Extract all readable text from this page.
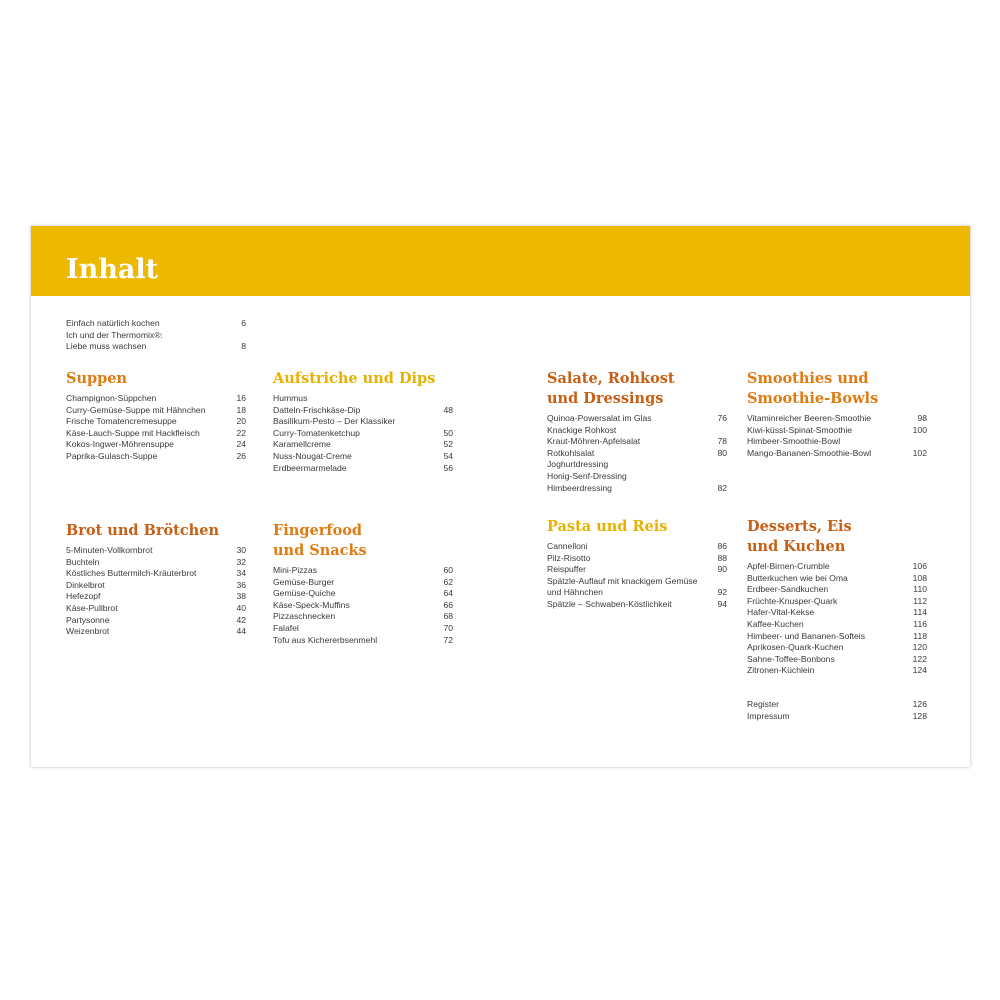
Inhalt
Einfach natürlich kochen	6
Ich und der Thermomix®:
Liebe muss wachsen	8
Suppen
Champignon-Süppchen	16
Curry-Gemüse-Suppe mit Hähnchen	18
Frische Tomatencremesuppe	20
Käse-Lauch-Suppe mit Hackfleisch	22
Kokos-Ingwer-Möhrensuppe	24
Paprika-Gulasch-Suppe	26
Aufstriche und Dips
Hummus
Datteln-Frischkäse-Dip	48
Basilikum-Pesto – Der Klassiker
Curry-Tomatenketchup	50
Karamellcreme	52
Nuss-Nougat-Creme	54
Erdbeermarmelade	56
Salate, Rohkost
und Dressings
Quinoa-Powersalat im Glas	76
Knackige Rohkost
Kraut-Möhren-Apfelsalat	78
Rotkohlsalat	80
Joghurtdressing
Honig-Senf-Dressing
Himbeerdressing	82
Smoothies und
Smoothie-Bowls
Vitaminreicher Beeren-Smoothie	98
Kiwi-küsst-Spinat-Smoothie	100
Himbeer-Smoothie-Bowl
Mango-Bananen-Smoothie-Bowl	102
Brot und Brötchen
5-Minuten-Vollkornbrot	30
Buchteln	32
Köstliches Buttermilch-Kräuterbrot	34
Dinkelbrot	36
Hefezopf	38
Käse-Pullbrot	40
Partysonne	42
Weizenbrot	44
Fingerfood
und Snacks
Mini-Pizzas	60
Gemüse-Burger	62
Gemüse-Quiche	64
Käse-Speck-Muffins	66
Pizzaschnecken	68
Falafel	70
Tofu aus Kichererbsenmehl	72
Pasta und Reis
Cannelloni	86
Pilz-Risotto	88
Reispuffer	90
Spätzle-Auflauf mit knackigem Gemüse
und Hähnchen	92
Spätzle – Schwaben-Köstlichkeit	94
Desserts, Eis
und Kuchen
Apfel-Birnen-Crumble	106
Butterkuchen wie bei Oma	108
Erdbeer-Sandkuchen	110
Früchte-Knusper-Quark	112
Hafer-Vital-Kekse	114
Kaffee-Kuchen	116
Himbeer- und Bananen-Softeis	118
Aprikosen-Quark-Kuchen	120
Sahne-Toffee-Bonbons	122
Zitronen-Küchlein	124
Register	126
Impressum	128
